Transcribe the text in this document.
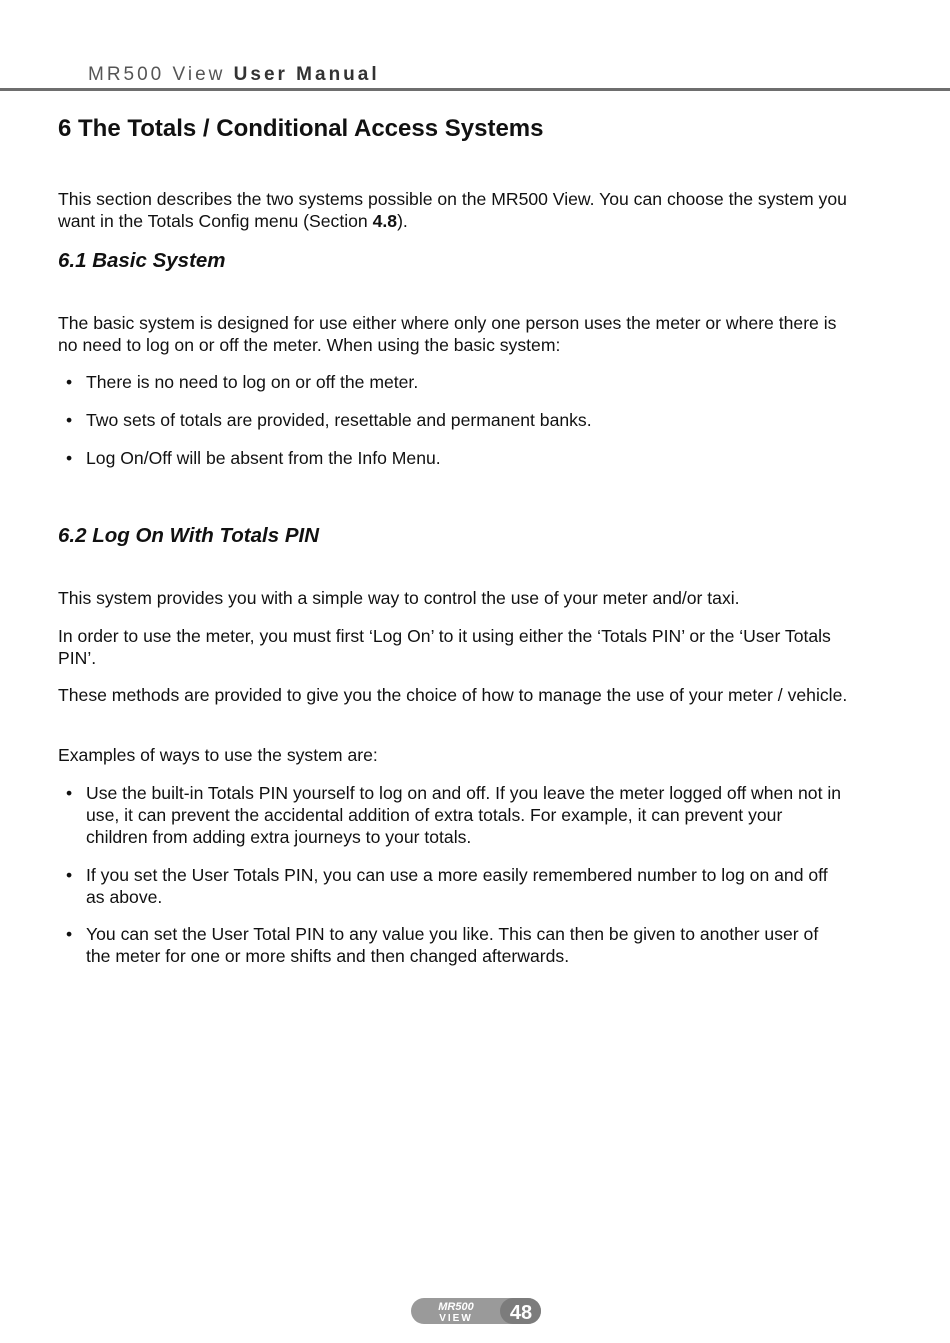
MR500 View User Manual
6 The Totals / Conditional Access Systems
This section describes the two systems possible on the MR500 View. You can choose the system you want in the Totals Config menu (Section 4.8).
6.1 Basic System
The basic system is designed for use either where only one person uses the meter or where there is no need to log on or off the meter. When using the basic system:
• There is no need to log on or off the meter.
• Two sets of totals are provided, resettable and permanent banks.
• Log On/Off will be absent from the Info Menu.
6.2 Log On With Totals PIN
This system provides you with a simple way to control the use of your meter and/or taxi.
In order to use the meter, you must first ‘Log On’ to it using either the ‘Totals PIN’ or the ‘User Totals PIN’.
These methods are provided to give you the choice of how to manage the use of your meter / vehicle.
Examples of ways to use the system are:
• Use the built-in Totals PIN yourself to log on and off. If you leave the meter logged off when not in use, it can prevent the accidental addition of extra totals. For example, it can prevent your children from adding extra journeys to your totals.
• If you set the User Totals PIN, you can use a more easily remembered number to log on and off as above.
• You can set the User Total PIN to any value you like. This can then be given to another user of the meter for one or more shifts and then changed afterwards.
MR500
VIEW 48
